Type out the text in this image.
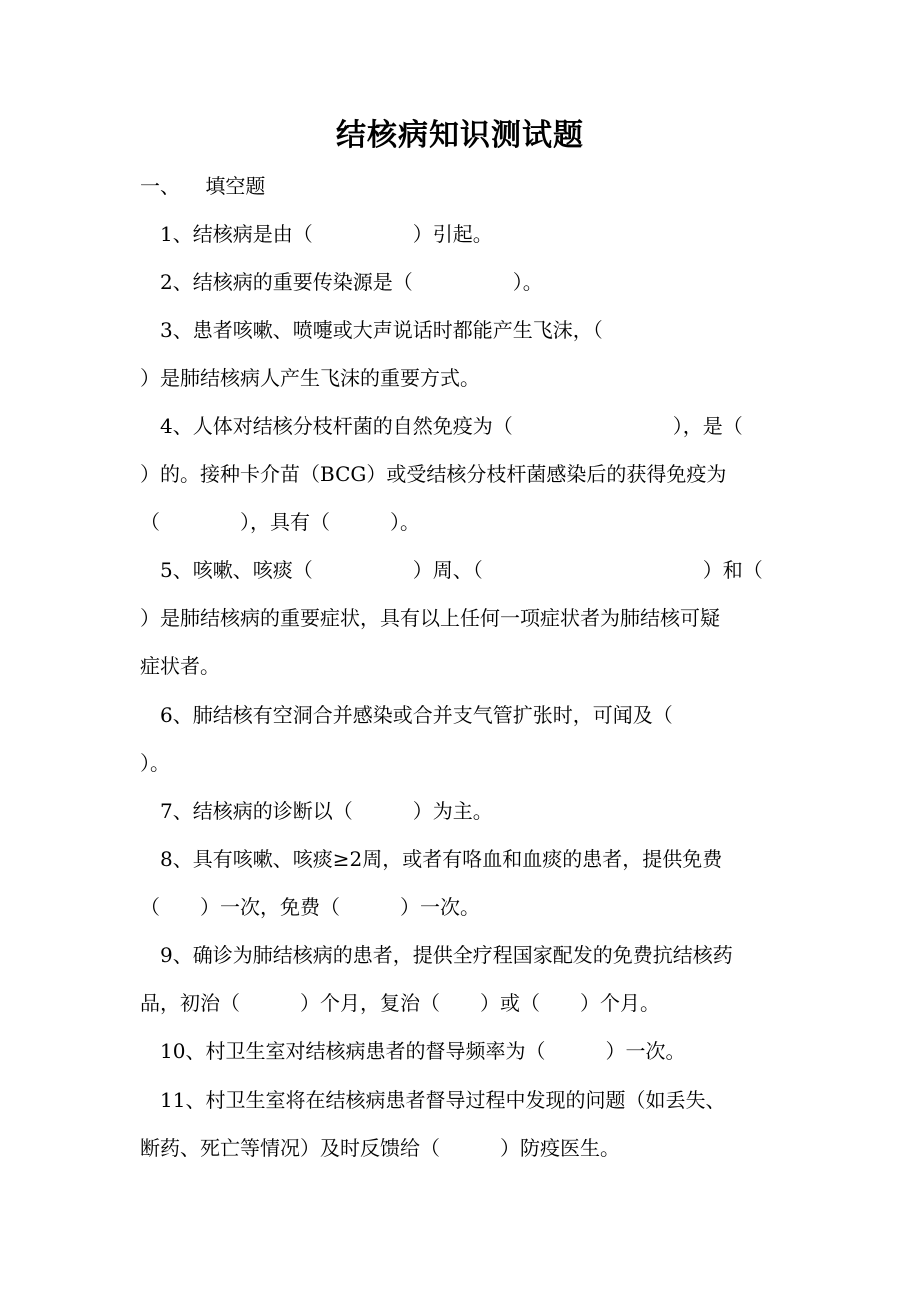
结核病知识测试题
一、    填空题
1、结核病是由（　　　　　）引起。
2、结核病的重要传染源是（　　　　　）。
3、患者咳嗽、喷嚏或大声说话时都能产生飞沫，（
）是肺结核病人产生飞沫的重要方式。
4、人体对结核分枝杆菌的自然免疫为（　　　　　　　　），是（
）的。接种卡介苗（BCG）或受结核分枝杆菌感染后的获得免疫为
（　　　　），具有（　　　）。
5、咳嗽、咳痰（　　　　　）周、（　　　　　　　　　　　）和（
）是肺结核病的重要症状，具有以上任何一项症状者为肺结核可疑
症状者。
6、肺结核有空洞合并感染或合并支气管扩张时，可闻及（
）。
7、结核病的诊断以（　　　）为主。
8、具有咳嗽、咳痰≥2周，或者有咯血和血痰的患者，提供免费
（　　）一次，免费（　　　）一次。
9、确诊为肺结核病的患者，提供全疗程国家配发的免费抗结核药
品，初治（　　　）个月，复治（　　）或（　　）个月。
10、村卫生室对结核病患者的督导频率为（　　　）一次。
11、村卫生室将在结核病患者督导过程中发现的问题（如丢失、
断药、死亡等情况）及时反馈给（　　　）防疫医生。
